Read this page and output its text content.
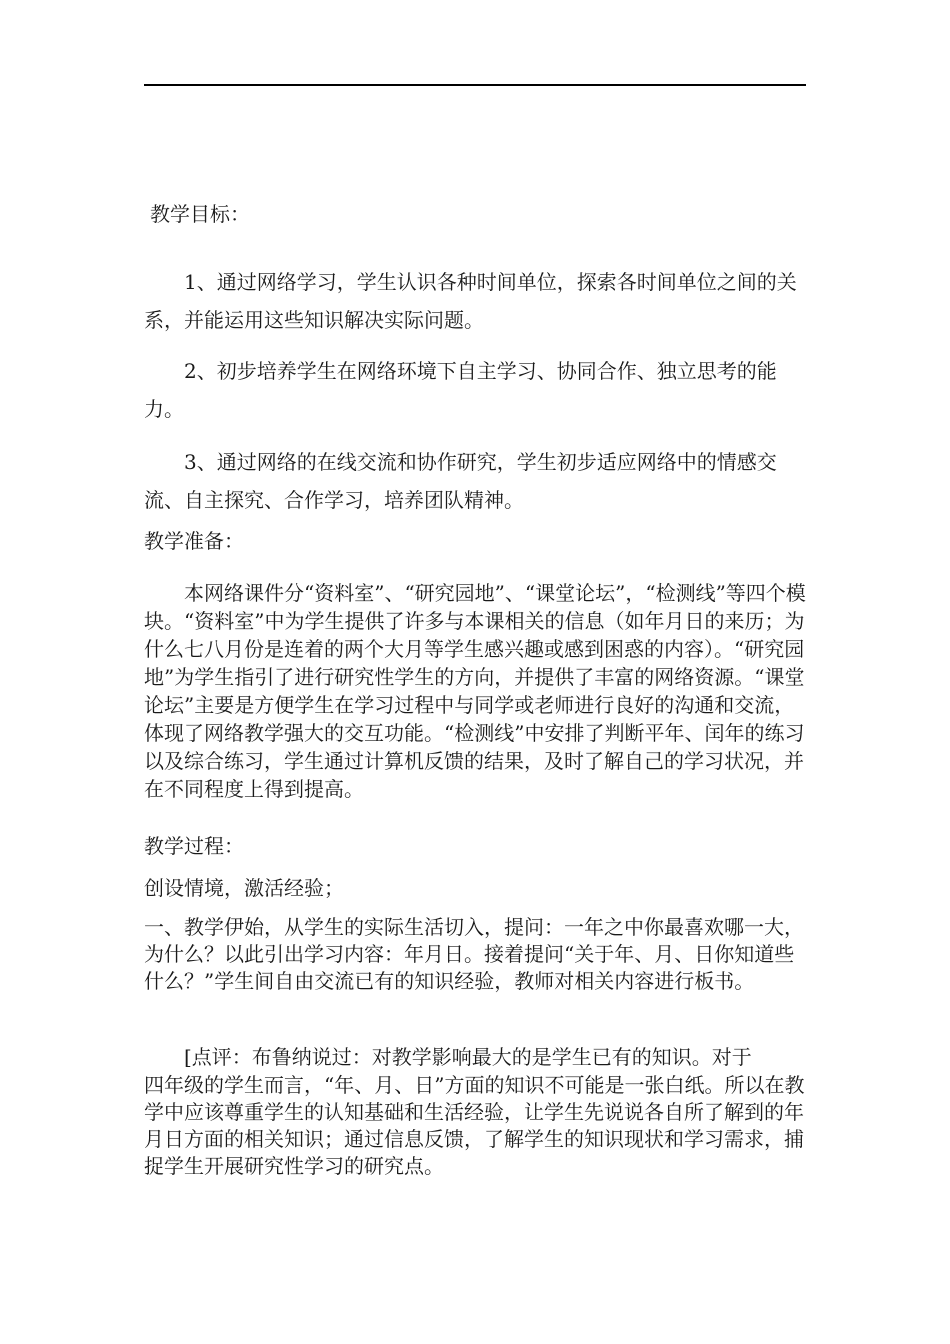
教学目标：

1、通过网络学习，学生认识各种时间单位，探索各时间单位之间的关系，并能运用这些知识解决实际问题。

2、初步培养学生在网络环境下自主学习、协同合作、独立思考的能力。

3、通过网络的在线交流和协作研究，学生初步适应网络中的情感交流、自主探究、合作学习，培养团队精神。

教学准备：

本网络课件分“资料室”、“研究园地”、“课堂论坛”，“检测线”等四个模块。“资料室”中为学生提供了许多与本课相关的信息（如年月日的来历；为什么七八月份是连着的两个大月等学生感兴趣或感到困惑的内容）。“研究园地”为学生指引了进行研究性学生的方向，并提供了丰富的网络资源。“课堂论坛”主要是方便学生在学习过程中与同学或老师进行良好的沟通和交流，体现了网络教学强大的交互功能。“检测线”中安排了判断平年、闰年的练习以及综合练习，学生通过计算机反馈的结果，及时了解自己的学习状况，并在不同程度上得到提高。

教学过程：

创设情境，激活经验；

一、教学伊始，从学生的实际生活切入，提问：一年之中你最喜欢哪一大，为什么？以此引出学习内容：年月日。接着提问“关于年、月、日你知道些什么？”学生间自由交流已有的知识经验，教师对相关内容进行板书。

[点评：布鲁纳说过：对教学影响最大的是学生已有的知识。对于

四年级的学生而言，“年、月、日”方面的知识不可能是一张白纸。所以在教学中应该尊重学生的认知基础和生活经验，让学生先说说各自所了解到的年月日方面的相关知识；通过信息反馈，了解学生的知识现状和学习需求，捕捉学生开展研究性学习的研究点。
